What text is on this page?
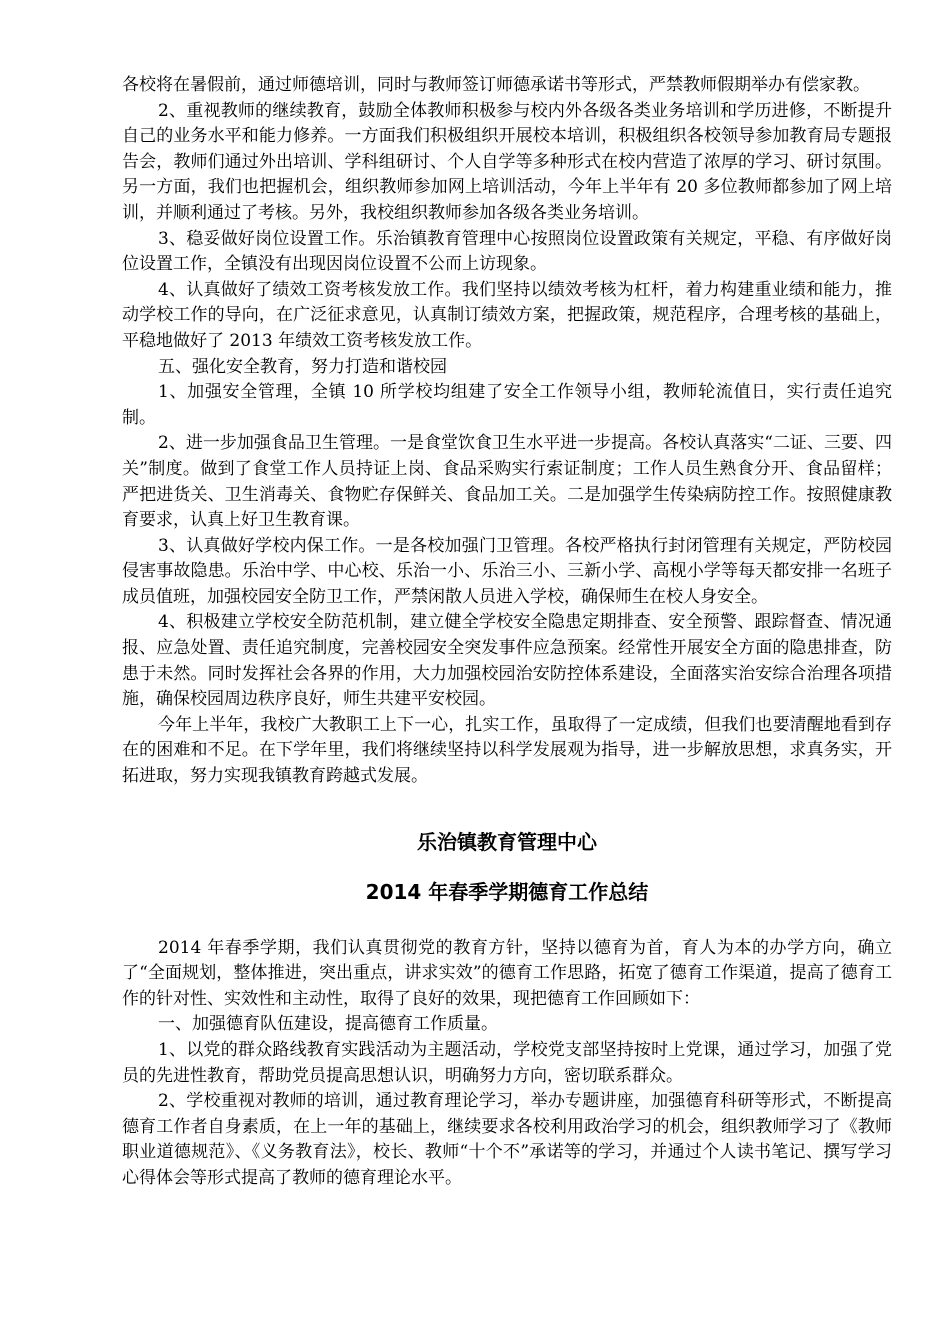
各校将在暑假前，通过师德培训，同时与教师签订师德承诺书等形式，严禁教师假期举办有偿家教。

2、重视教师的继续教育，鼓励全体教师积极参与校内外各级各类业务培训和学历进修，不断提升自己的业务水平和能力修养。一方面我们积极组织开展校本培训，积极组织各校领导参加教育局专题报告会，教师们通过外出培训、学科组研讨、个人自学等多种形式在校内营造了浓厚的学习、研讨氛围。另一方面，我们也把握机会，组织教师参加网上培训活动，今年上半年有 20 多位教师都参加了网上培训，并顺利通过了考核。另外，我校组织教师参加各级各类业务培训。

3、稳妥做好岗位设置工作。乐治镇教育管理中心按照岗位设置政策有关规定，平稳、有序做好岗位设置工作，全镇没有出现因岗位设置不公而上访现象。

4、认真做好了绩效工资考核发放工作。我们坚持以绩效考核为杠杆，着力构建重业绩和能力，推动学校工作的导向，在广泛征求意见，认真制订绩效方案，把握政策，规范程序，合理考核的基础上，平稳地做好了 2013 年绩效工资考核发放工作。

五、强化安全教育，努力打造和谐校园

1、加强安全管理，全镇 10 所学校均组建了安全工作领导小组，教师轮流值日，实行责任追究制。

2、进一步加强食品卫生管理。一是食堂饮食卫生水平进一步提高。各校认真落实“二证、三要、四关”制度。做到了食堂工作人员持证上岗、食品采购实行索证制度；工作人员生熟食分开、食品留样；严把进货关、卫生消毒关、食物贮存保鲜关、食品加工关。二是加强学生传染病防控工作。按照健康教育要求，认真上好卫生教育课。

3、认真做好学校内保工作。一是各校加强门卫管理。各校严格执行封闭管理有关规定，严防校园侵害事故隐患。乐治中学、中心校、乐治一小、乐治三小、三新小学、高枧小学等每天都安排一名班子成员值班，加强校园安全防卫工作，严禁闲散人员进入学校，确保师生在校人身安全。

4、积极建立学校安全防范机制，建立健全学校安全隐患定期排查、安全预警、跟踪督查、情况通报、应急处置、责任追究制度，完善校园安全突发事件应急预案。经常性开展安全方面的隐患排查，防患于未然。同时发挥社会各界的作用，大力加强校园治安防控体系建设，全面落实治安综合治理各项措施，确保校园周边秩序良好，师生共建平安校园。

今年上半年，我校广大教职工上下一心，扎实工作，虽取得了一定成绩，但我们也要清醒地看到存在的困难和不足。在下学年里，我们将继续坚持以科学发展观为指导，进一步解放思想，求真务实，开拓进取，努力实现我镇教育跨越式发展。

乐治镇教育管理中心
2014 年春季学期德育工作总结

2014 年春季学期，我们认真贯彻党的教育方针，坚持以德育为首，育人为本的办学方向，确立了“全面规划，整体推进，突出重点，讲求实效”的德育工作思路，拓宽了德育工作渠道，提高了德育工作的针对性、实效性和主动性，取得了良好的效果，现把德育工作回顾如下：

一、加强德育队伍建设，提高德育工作质量。

1、以党的群众路线教育实践活动为主题活动，学校党支部坚持按时上党课，通过学习，加强了党员的先进性教育，帮助党员提高思想认识，明确努力方向，密切联系群众。

2、学校重视对教师的培训，通过教育理论学习，举办专题讲座，加强德育科研等形式，不断提高德育工作者自身素质，在上一年的基础上，继续要求各校利用政治学习的机会，组织教师学习了《教师职业道德规范》、《义务教育法》，校长、教师“十个不”承诺等的学习，并通过个人读书笔记、撰写学习心得体会等形式提高了教师的德育理论水平。
